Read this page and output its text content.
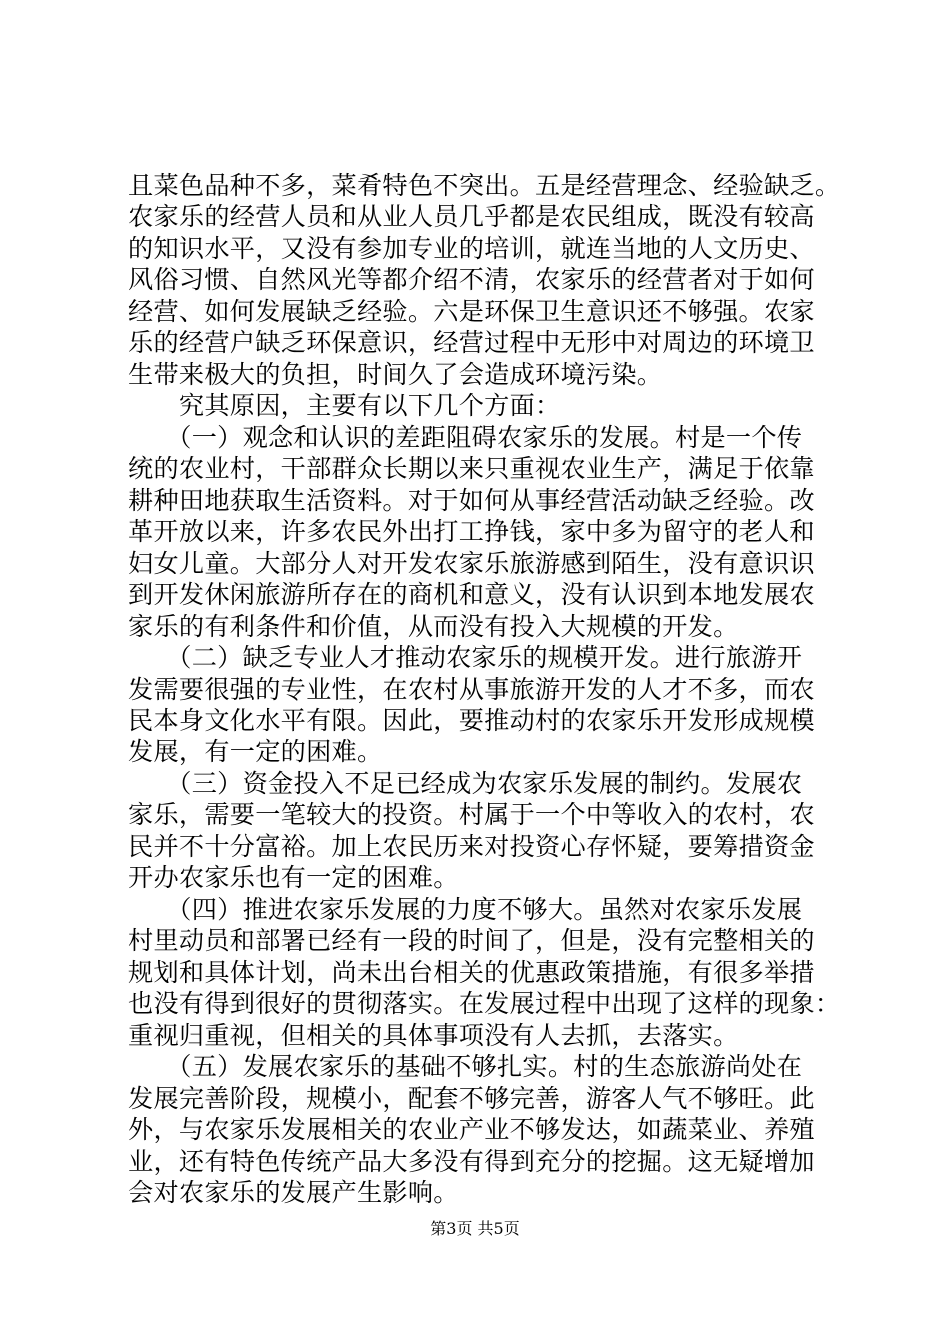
且菜色品种不多，菜肴特色不突出。五是经营理念、经验缺乏。
农家乐的经营人员和从业人员几乎都是农民组成，既没有较高
的知识水平，又没有参加专业的培训，就连当地的人文历史、
风俗习惯、自然风光等都介绍不清，农家乐的经营者对于如何
经营、如何发展缺乏经验。六是环保卫生意识还不够强。农家
乐的经营户缺乏环保意识，经营过程中无形中对周边的环境卫
生带来极大的负担，时间久了会造成环境污染。
　　究其原因，主要有以下几个方面：
　　（一）观念和认识的差距阻碍农家乐的发展。村是一个传
统的农业村，干部群众长期以来只重视农业生产，满足于依靠
耕种田地获取生活资料。对于如何从事经营活动缺乏经验。改
革开放以来，许多农民外出打工挣钱，家中多为留守的老人和
妇女儿童。大部分人对开发农家乐旅游感到陌生，没有意识识
到开发休闲旅游所存在的商机和意义，没有认识到本地发展农
家乐的有利条件和价值，从而没有投入大规模的开发。
　　（二）缺乏专业人才推动农家乐的规模开发。进行旅游开
发需要很强的专业性，在农村从事旅游开发的人才不多，而农
民本身文化水平有限。因此，要推动村的农家乐开发形成规模
发展，有一定的困难。
　　（三）资金投入不足已经成为农家乐发展的制约。发展农
家乐，需要一笔较大的投资。村属于一个中等收入的农村，农
民并不十分富裕。加上农民历来对投资心存怀疑，要筹措资金
开办农家乐也有一定的困难。
　　（四）推进农家乐发展的力度不够大。虽然对农家乐发展
村里动员和部署已经有一段的时间了，但是，没有完整相关的
规划和具体计划，尚未出台相关的优惠政策措施，有很多举措
也没有得到很好的贯彻落实。在发展过程中出现了这样的现象：
重视归重视，但相关的具体事项没有人去抓，去落实。
　　（五）发展农家乐的基础不够扎实。村的生态旅游尚处在
发展完善阶段，规模小，配套不够完善，游客人气不够旺。此
外，与农家乐发展相关的农业产业不够发达，如蔬菜业、养殖
业，还有特色传统产品大多没有得到充分的挖掘。这无疑增加
会对农家乐的发展产生影响。
第3页 共5页
